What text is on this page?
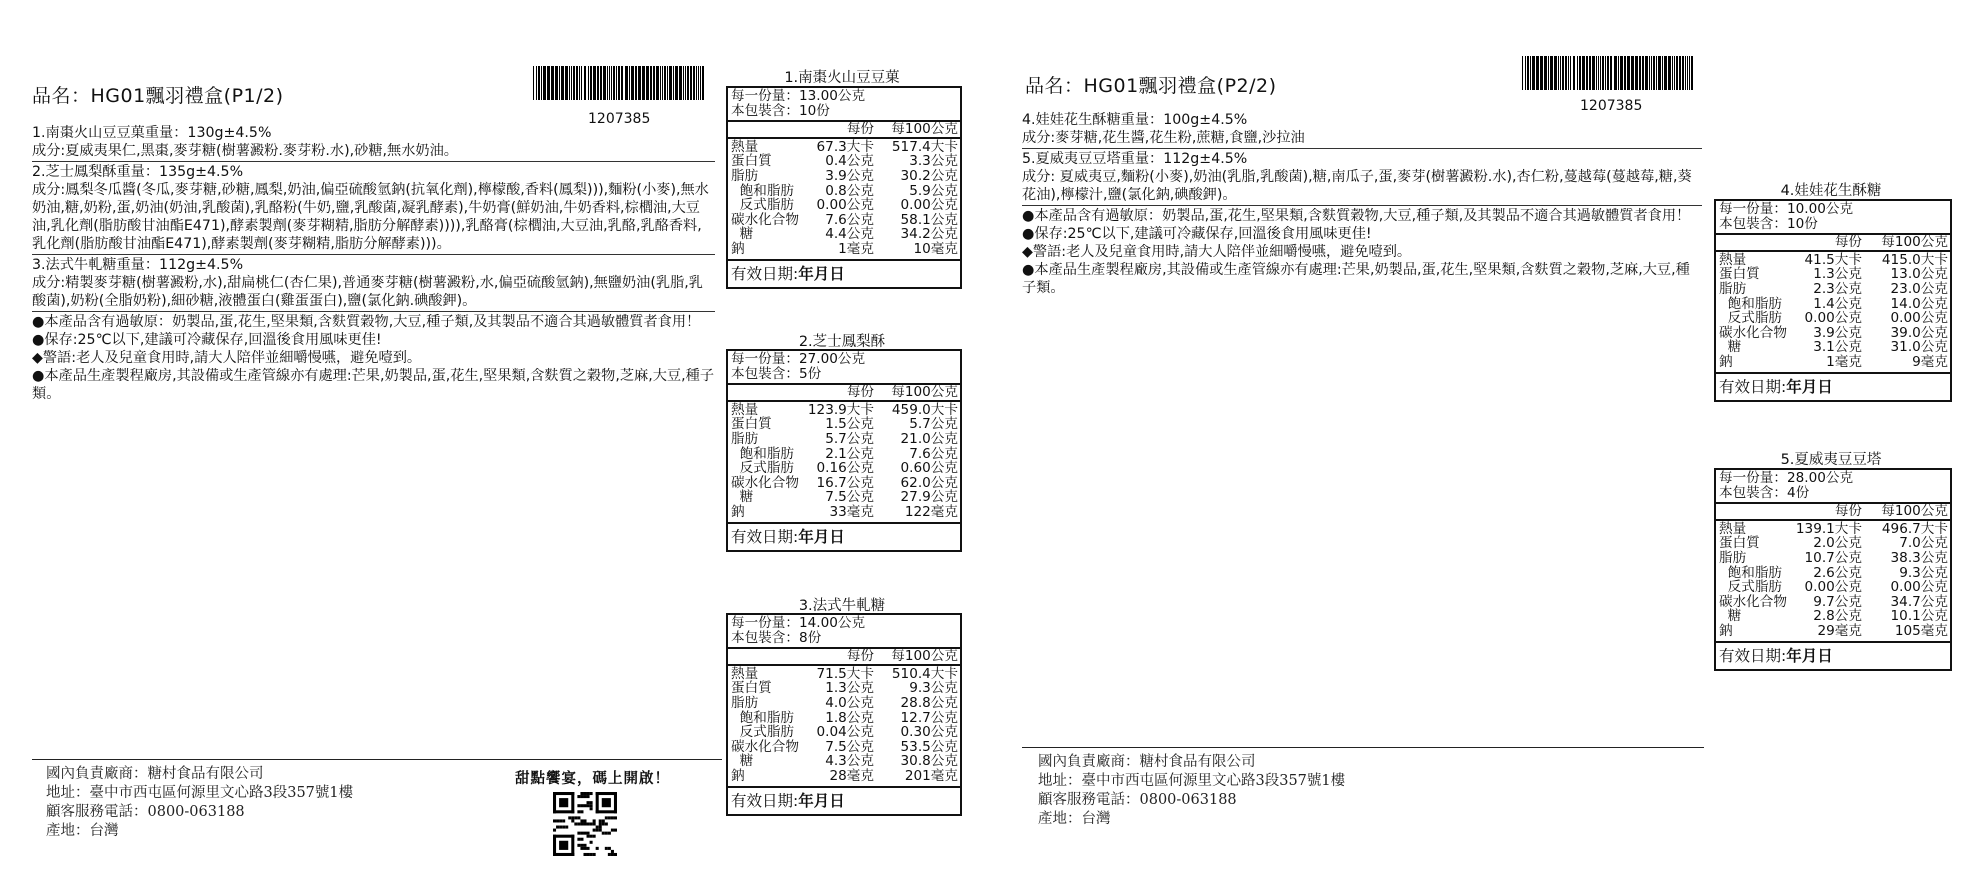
品名：HG01飄羽禮盒(P1/2)
1207385

1.南棗火山豆豆菓重量：130g±4.5%

成分:夏威夷果仁,黑棗,麥芽糖(樹薯澱粉.麥芽粉.水),砂糖,無水奶油。

2.芝士鳳梨酥重量：135g±4.5%

成分:鳳梨冬瓜醬(冬瓜,麥芽糖,砂糖,鳳梨,奶油,偏亞硫酸氫鈉(抗氧化劑),檸檬酸,香料(鳳梨))),麵粉(小麥),無水奶油,糖,奶粉,蛋,奶油(奶油,乳酸菌),乳酪粉(牛奶,鹽,乳酸菌,凝乳酵素),牛奶膏(鮮奶油,牛奶香料,棕櫚油,大豆油,乳化劑(脂肪酸甘油酯E471),酵素製劑(麥芽糊精,脂肪分解酵素)))),乳酪膏(棕櫚油,大豆油,乳酪,乳酪香料,乳化劑(脂肪酸甘油酯E471),酵素製劑(麥芽糊精,脂肪分解酵素)))。

3.法式牛軋糖重量：112g±4.5%

成分:精製麥芽糖(樹薯澱粉,水),甜扁桃仁(杏仁果),普通麥芽糖(樹薯澱粉,水,偏亞硫酸氫鈉),無鹽奶油(乳脂,乳酸菌),奶粉(全脂奶粉),細砂糖,液體蛋白(雞蛋蛋白),鹽(氯化鈉.碘酸鉀)。

●本產品含有過敏原：奶製品,蛋,花生,堅果類,含麩質穀物,大豆,種子類,及其製品不適合其過敏體質者食用！

●保存:25℃以下,建議可冷藏保存,回溫後食用風味更佳!

◆警語:老人及兒童食用時,請大人陪伴並細嚼慢嚥，避免噎到。

●本產品生產製程廠房,其設備或生產管線亦有處理:芒果,奶製品,蛋,花生,堅果類,含麩質之穀物,芝麻,大豆,種子類。

國內負責廠商：糖村食品有限公司
地址：臺中市西屯區何源里文心路3段357號1樓
顧客服務電話：0800-063188
產地：台灣
甜點饗宴，碼上開啟！
品名：HG01飄羽禮盒(P2/2)
1207385

4.娃娃花生酥糖重量：100g±4.5%

成分:麥芽糖,花生醬,花生粉,蔗糖,食鹽,沙拉油

5.夏威夷豆豆塔重量：112g±4.5%

成分: 夏威夷豆,麵粉(小麥),奶油(乳脂,乳酸菌),糖,南瓜子,蛋,麥芽(樹薯澱粉.水),杏仁粉,蔓越莓(蔓越莓,糖,葵花油),檸檬汁,鹽(氯化鈉,碘酸鉀)。

●本產品含有過敏原：奶製品,蛋,花生,堅果類,含麩質穀物,大豆,種子類,及其製品不適合其過敏體質者食用！

●保存:25℃以下,建議可冷藏保存,回溫後食用風味更佳!

◆警語:老人及兒童食用時,請大人陪伴並細嚼慢嚥，避免噎到。

●本產品生產製程廠房,其設備或生產管線亦有處理:芒果,奶製品,蛋,花生,堅果類,含麩質之穀物,芝麻,大豆,種子類。

國內負責廠商：糖村食品有限公司
地址：臺中市西屯區何源里文心路3段357號1樓
顧客服務電話：0800-063188
產地：台灣
1.南棗火山豆豆菓
每一份量：13.00公克
本包裝含：10份
每份	每100公克
熱量	67.3大卡	517.4大卡
蛋白質	0.4公克	3.3公克
脂肪	3.9公克	30.2公克
飽和脂肪	0.8公克	5.9公克
反式脂肪	0.00公克	0.00公克
碳水化合物	7.6公克	58.1公克
糖	4.4公克	34.2公克
鈉	1毫克	10毫克
有效日期:年月日
2.芝士鳳梨酥
每一份量：27.00公克
本包裝含：5份
每份	每100公克
熱量	123.9大卡	459.0大卡
蛋白質	1.5公克	5.7公克
脂肪	5.7公克	21.0公克
飽和脂肪	2.1公克	7.6公克
反式脂肪	0.16公克	0.60公克
碳水化合物	16.7公克	62.0公克
糖	7.5公克	27.9公克
鈉	33毫克	122毫克
有效日期:年月日
3.法式牛軋糖
每一份量：14.00公克
本包裝含：8份
每份	每100公克
熱量	71.5大卡	510.4大卡
蛋白質	1.3公克	9.3公克
脂肪	4.0公克	28.8公克
飽和脂肪	1.8公克	12.7公克
反式脂肪	0.04公克	0.30公克
碳水化合物	7.5公克	53.5公克
糖	4.3公克	30.8公克
鈉	28毫克	201毫克
有效日期:年月日
4.娃娃花生酥糖
每一份量：10.00公克
本包裝含：10份
每份	每100公克
熱量	41.5大卡	415.0大卡
蛋白質	1.3公克	13.0公克
脂肪	2.3公克	23.0公克
飽和脂肪	1.4公克	14.0公克
反式脂肪	0.00公克	0.00公克
碳水化合物	3.9公克	39.0公克
糖	3.1公克	31.0公克
鈉	1毫克	9毫克
有效日期:年月日
5.夏威夷豆豆塔
每一份量：28.00公克
本包裝含：4份
每份	每100公克
熱量	139.1大卡	496.7大卡
蛋白質	2.0公克	7.0公克
脂肪	10.7公克	38.3公克
飽和脂肪	2.6公克	9.3公克
反式脂肪	0.00公克	0.00公克
碳水化合物	9.7公克	34.7公克
糖	2.8公克	10.1公克
鈉	29毫克	105毫克
有效日期:年月日
